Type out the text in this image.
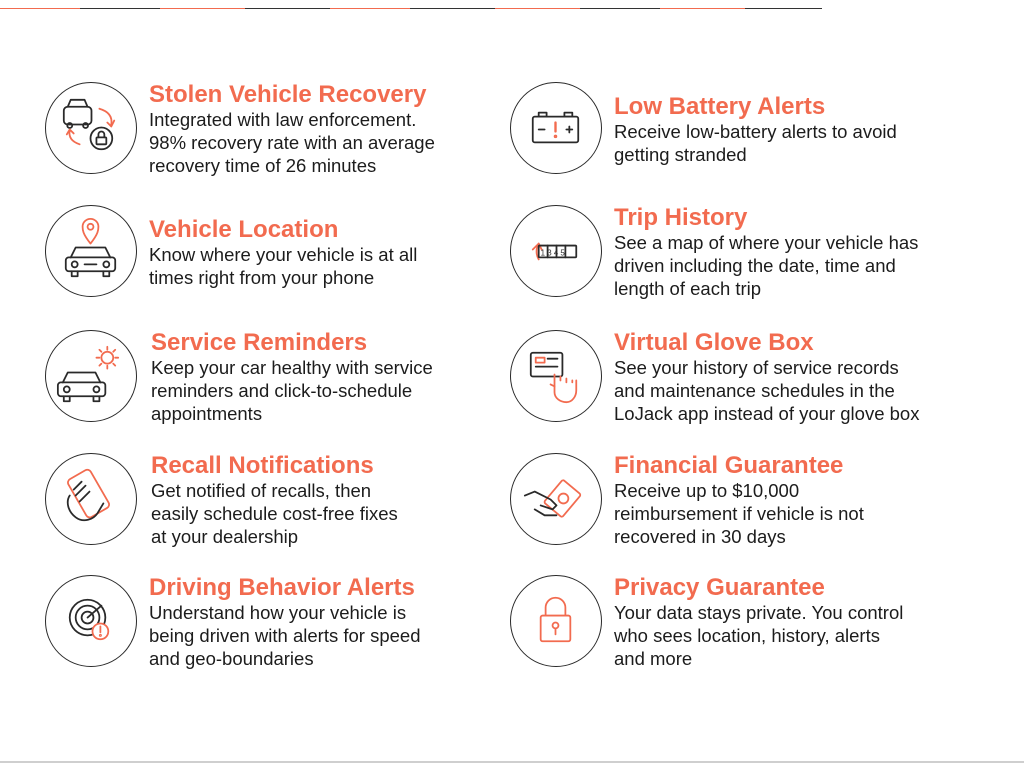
Stolen Vehicle Recovery
Integrated with law enforcement.
98% recovery rate with an average
recovery time of 26 minutes
Vehicle Location
Know where your vehicle is at all
times right from your phone
Service Reminders
Keep your car healthy with service
reminders and click-to-schedule
appointments
Recall Notifications
Get notified of recalls, then
easily schedule cost-free fixes
at your dealership
Driving Behavior Alerts
Understand how your vehicle is
being driven with alerts for speed
and geo-boundaries
Low Battery Alerts
Receive low-battery alerts to avoid
getting stranded
1 3 4 5
Trip History
See a map of where your vehicle has
driven including the date, time and
length of each trip
Virtual Glove Box
See your history of service records
and maintenance schedules in the
LoJack app instead of your glove box
Financial Guarantee
Receive up to $10,000
reimbursement if vehicle is not
recovered in 30 days
Privacy Guarantee
Your data stays private. You control
who sees location, history, alerts
and more
